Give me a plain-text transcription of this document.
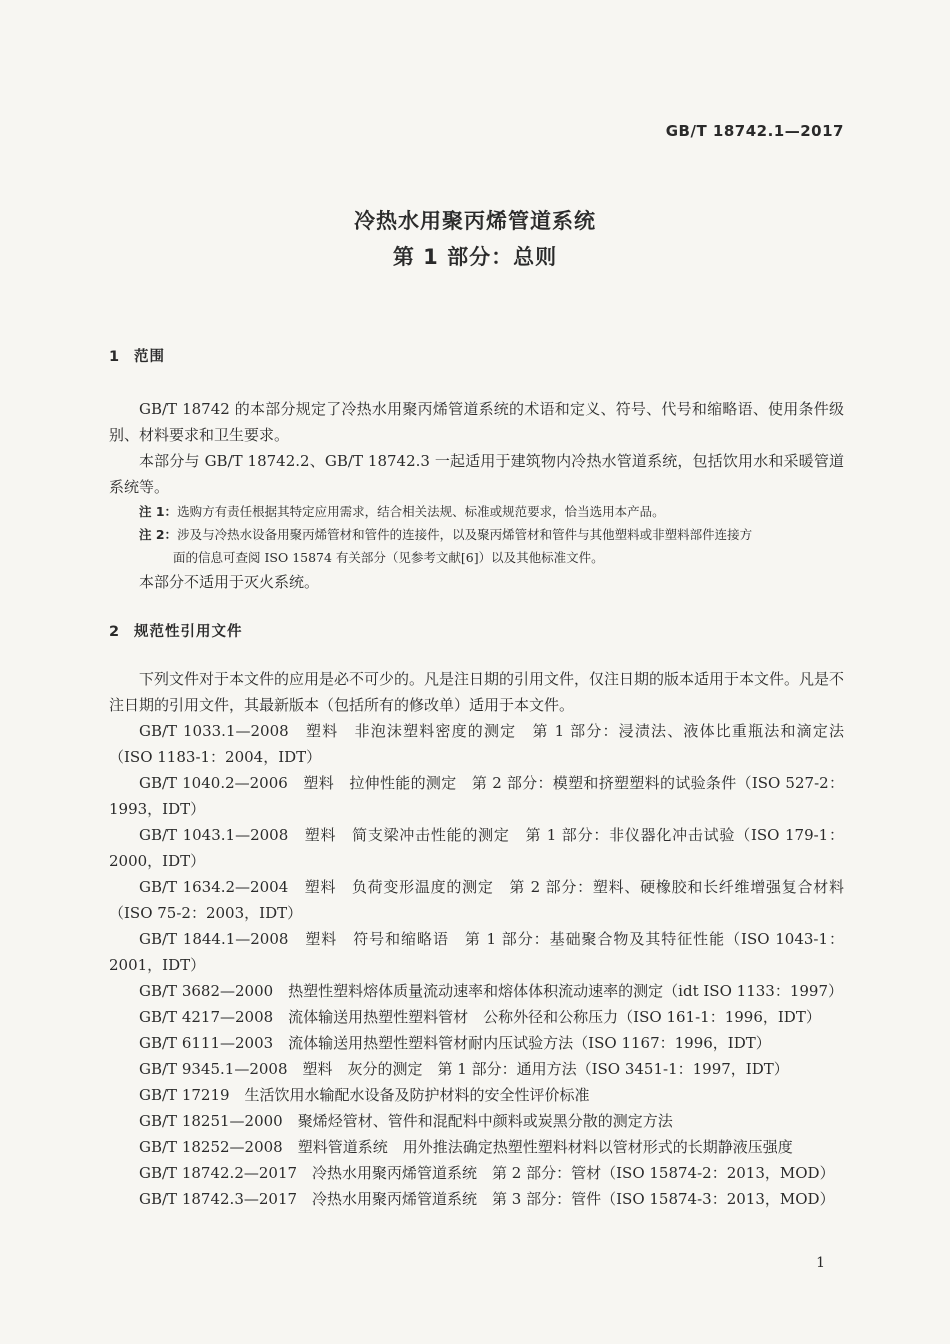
GB/T 18742.1—2017
冷热水用聚丙烯管道系统
第 1 部分：总则
1 范围

GB/T 18742 的本部分规定了冷热水用聚丙烯管道系统的术语和定义、符号、代号和缩略语、使用条件级别、材料要求和卫生要求。

本部分与 GB/T 18742.2、GB/T 18742.3 一起适用于建筑物内冷热水管道系统，包括饮用水和采暖管道系统等。

注 1：选购方有责任根据其特定应用需求，结合相关法规、标准或规范要求，恰当选用本产品。

注 2：涉及与冷热水设备用聚丙烯管材和管件的连接件，以及聚丙烯管材和管件与其他塑料或非塑料部件连接方
面的信息可查阅 ISO 15874 有关部分（见参考文献[6]）以及其他标准文件。

本部分不适用于灭火系统。

2 规范性引用文件

下列文件对于本文件的应用是必不可少的。凡是注日期的引用文件，仅注日期的版本适用于本文件。凡是不注日期的引用文件，其最新版本（包括所有的修改单）适用于本文件。

GB/T 1033.1—2008　塑料　非泡沫塑料密度的测定　第 1 部分：浸渍法、液体比重瓶法和滴定法（ISO 1183-1：2004，IDT）

GB/T 1040.2—2006　塑料　拉伸性能的测定　第 2 部分：模塑和挤塑塑料的试验条件（ISO 527-2：1993，IDT）

GB/T 1043.1—2008　塑料　简支梁冲击性能的测定　第 1 部分：非仪器化冲击试验（ISO 179-1：2000，IDT）

GB/T 1634.2—2004　塑料　负荷变形温度的测定　第 2 部分：塑料、硬橡胶和长纤维增强复合材料（ISO 75-2：2003，IDT）

GB/T 1844.1—2008　塑料　符号和缩略语　第 1 部分：基础聚合物及其特征性能（ISO 1043-1：2001，IDT）

GB/T 3682—2000　热塑性塑料熔体质量流动速率和熔体体积流动速率的测定（idt ISO 1133：1997）

GB/T 4217—2008　流体输送用热塑性塑料管材　公称外径和公称压力（ISO 161-1：1996，IDT）

GB/T 6111—2003　流体输送用热塑性塑料管材耐内压试验方法（ISO 1167：1996，IDT）

GB/T 9345.1—2008　塑料　灰分的测定　第 1 部分：通用方法（ISO 3451-1：1997，IDT）

GB/T 17219　生活饮用水输配水设备及防护材料的安全性评价标准

GB/T 18251—2000　聚烯烃管材、管件和混配料中颜料或炭黑分散的测定方法

GB/T 18252—2008　塑料管道系统　用外推法确定热塑性塑料材料以管材形式的长期静液压强度

GB/T 18742.2—2017　冷热水用聚丙烯管道系统　第 2 部分：管材（ISO 15874-2：2013，MOD）

GB/T 18742.3—2017　冷热水用聚丙烯管道系统　第 3 部分：管件（ISO 15874-3：2013，MOD）

1
